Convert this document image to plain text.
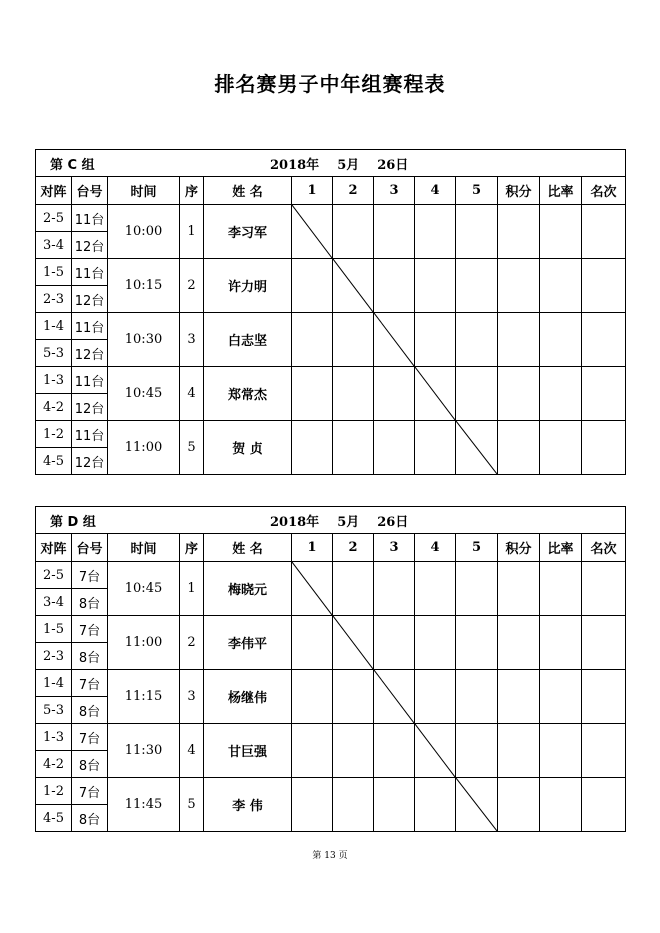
排名赛男子中年组赛程表
第 C 组 2018年 5月 26日												
对阵	台号	时间	序	姓 名	1	2	3	4	5	积分	比率	名次
2-5	11台	10:00	1	李习军	

3-4	12台											
1-5	11台	10:15	2	许力明		

2-3	12台											
1-4	11台	10:30	3	白志坚			

5-3	12台											
1-3	11台	10:45	4	郑常杰				

4-2	12台											
1-2	11台	11:00	5	贺 贞					

4-5	12台											
第 D 组 2018年 5月 26日												
对阵	台号	时间	序	姓 名	1	2	3	4	5	积分	比率	名次
2-5	7台	10:45	1	梅晓元	

3-4	8台											
1-5	7台	11:00	2	李伟平		

2-3	8台											
1-4	7台	11:15	3	杨继伟			

5-3	8台											
1-3	7台	11:30	4	甘巨强				

4-2	8台											
1-2	7台	11:45	5	李 伟					

4-5	8台											
第 13 页
